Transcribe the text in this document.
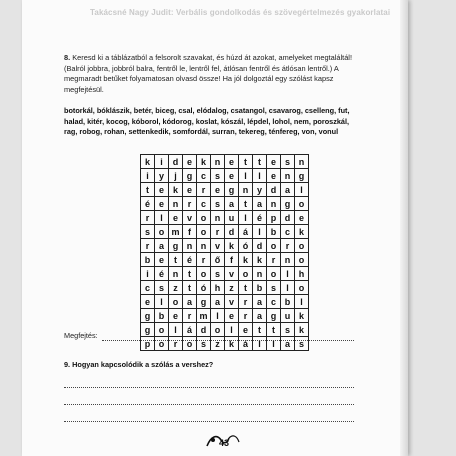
Takácsné Nagy Judit: Verbális gondolkodás és szövegértelmezés gyakorlatai
8. Keresd ki a táblázatból a felsorolt szavakat, és húzd át azokat, amelyeket megtaláltál! (Balról jobbra, jobbról balra, fentről le, lentről fel, átlósan fentről és átlósan lentről.) A megmaradt betűket folyamatosan olvasd össze! Ha jól dolgoztál egy szólást kapsz megfejtésül.
botorkál, bóklászik, betér, biceg, csal, elódalog, csatangol, csavarog, cselleng, fut, halad, kitér, kocog, kóborol, kódorog, koslat, kószál, lépdel, lohol, nem, poroszkál, rag, robog, rohan, settenkedik, somfordál, surran, tekereg, ténfereg, von, vonul
k	i	d e k n e	t	t	e s n
i	y	j	g c s e	l	l	e n g
t	e k e	r	e g n y d a	l
é e n	r	c s a	t	a n g o
r	l	e v o n u	l	é p d e
s o m f	o	r	d á	l	b c k
r	a g n n v k ó d o	r	o
b e	t	é	r	ő	f	k k	r	n o
i	é n	t	o s v o n o	l	h
c s	z	t	ó h	z	t	b s	l	o
e	l	o a g a v	r	a c b	l
g b e	r m l	e	r	a g u k
g o	l	á d o	l	e	t	t	s k
p o	r	o s	z	k á	l	l	a s
Megfejtés:
9. Hogyan kapcsolódik a szólás a vershez?
43
